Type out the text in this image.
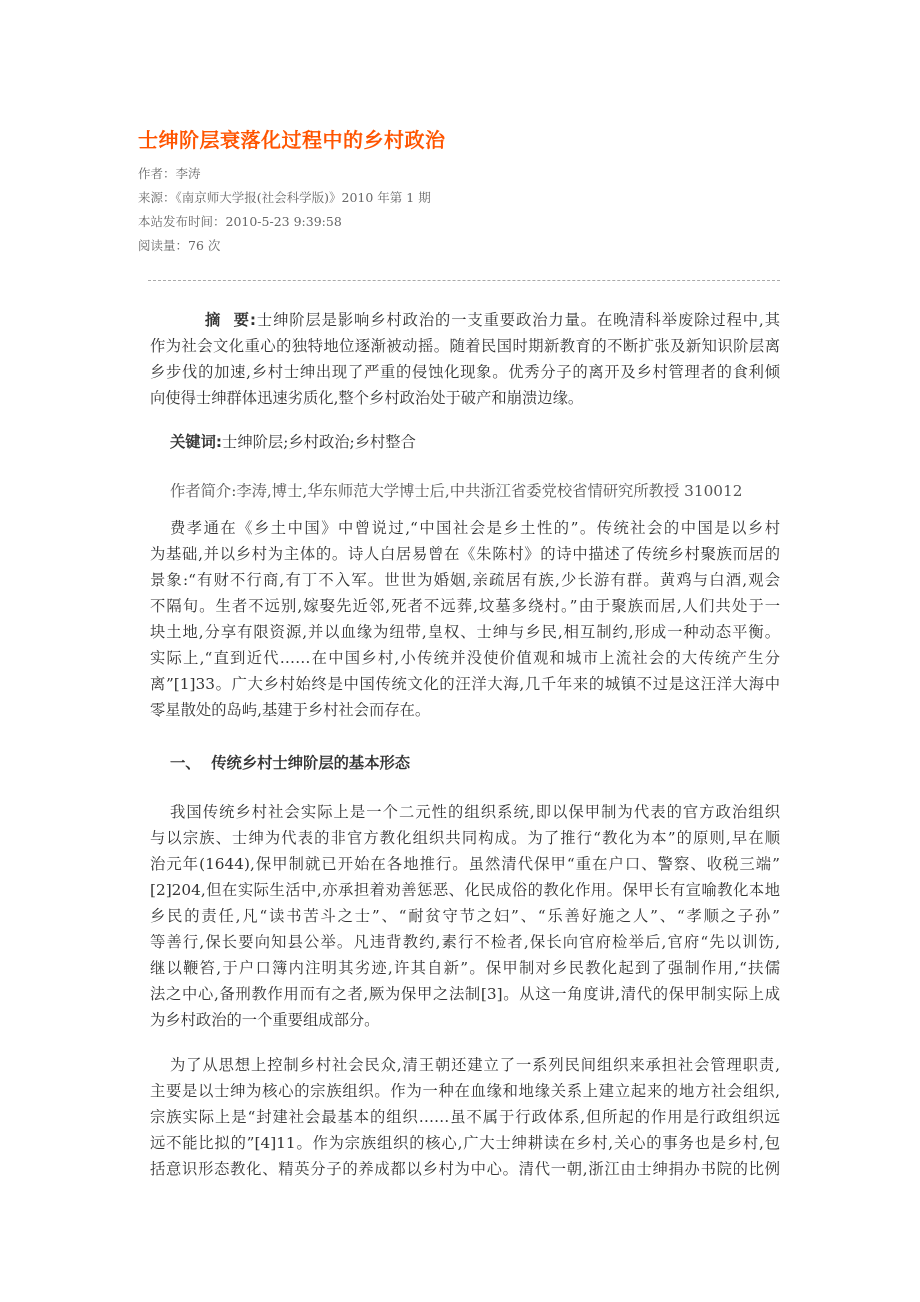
士绅阶层衰落化过程中的乡村政治
作者：李涛
来源：《南京师大学报(社会科学版)》2010 年第 1 期
本站发布时间：2010-5-23 9:39:58
阅读量：76 次
摘  要:士绅阶层是影响乡村政治的一支重要政治力量。在晚清科举废除过程中,其
作为社会文化重心的独特地位逐渐被动摇。随着民国时期新教育的不断扩张及新知识阶层离
乡步伐的加速,乡村士绅出现了严重的侵蚀化现象。优秀分子的离开及乡村管理者的食利倾
向使得士绅群体迅速劣质化,整个乡村政治处于破产和崩溃边缘。
关键词:士绅阶层;乡村政治;乡村整合
作者简介:李涛,博士,华东师范大学博士后,中共浙江省委党校省情研究所教授 310012
费孝通在《乡土中国》中曾说过,“中国社会是乡土性的”。传统社会的中国是以乡村
为基础,并以乡村为主体的。诗人白居易曾在《朱陈村》的诗中描述了传统乡村聚族而居的
景象:“有财不行商,有丁不入军。世世为婚姻,亲疏居有族,少长游有群。黄鸡与白酒,观会
不隔旬。生者不远别,嫁娶先近邻,死者不远葬,坟墓多绕村。”由于聚族而居,人们共处于一
块土地,分享有限资源,并以血缘为纽带,皇权、士绅与乡民,相互制约,形成一种动态平衡。
实际上,“直到近代……在中国乡村,小传统并没使价值观和城市上流社会的大传统产生分
离”[1]33。广大乡村始终是中国传统文化的汪洋大海,几千年来的城镇不过是这汪洋大海中
零星散处的岛屿,基建于乡村社会而存在。
一、  传统乡村士绅阶层的基本形态
我国传统乡村社会实际上是一个二元性的组织系统,即以保甲制为代表的官方政治组织
与以宗族、士绅为代表的非官方教化组织共同构成。为了推行“教化为本”的原则,早在顺
治元年(1644),保甲制就已开始在各地推行。虽然清代保甲“重在户口、警察、收税三端”
[2]204,但在实际生活中,亦承担着劝善惩恶、化民成俗的教化作用。保甲长有宣喻教化本地
乡民的责任,凡“读书苦斗之士”、“耐贫守节之妇”、“乐善好施之人”、“孝顺之子孙”
等善行,保长要向知县公举。凡违背教约,素行不检者,保长向官府检举后,官府“先以训饬,
继以鞭笞,于户口簿内注明其劣迹,许其自新”。保甲制对乡民教化起到了强制作用,“扶儒
法之中心,备刑教作用而有之者,厥为保甲之法制[3]。从这一角度讲,清代的保甲制实际上成
为乡村政治的一个重要组成部分。
为了从思想上控制乡村社会民众,清王朝还建立了一系列民间组织来承担社会管理职责,
主要是以士绅为核心的宗族组织。作为一种在血缘和地缘关系上建立起来的地方社会组织,
宗族实际上是“封建社会最基本的组织……虽不属于行政体系,但所起的作用是行政组织远
远不能比拟的”[4]11。作为宗族组织的核心,广大士绅耕读在乡村,关心的事务也是乡村,包
括意识形态教化、精英分子的养成都以乡村为中心。清代一朝,浙江由士绅捐办书院的比例
